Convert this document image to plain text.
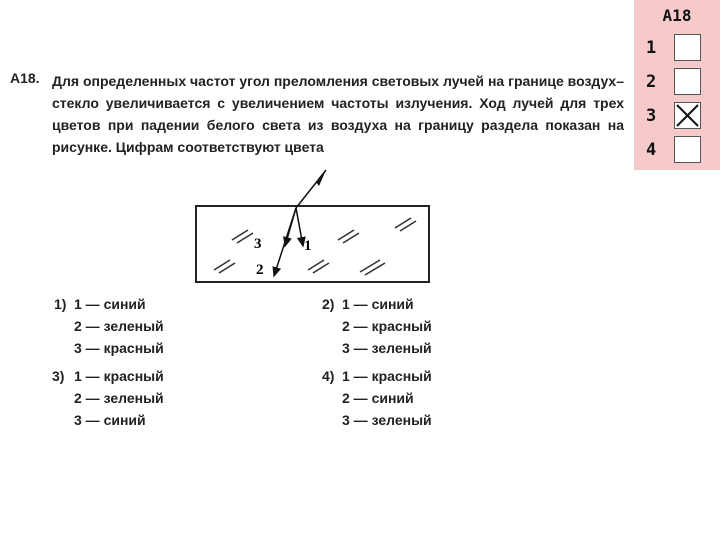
A18
1
2
3
4
A18. Для определенных частот угол преломления световых лучей на границе воздух–стекло увеличивается с увеличением частоты излучения. Ход лучей для трех цветов при падении белого света из воздуха на границу раздела показан на рисунке. Цифрам соответствуют цвета
1
3
2
1) 1 — синий
2 — зеленый
3 — красный
2) 1 — синий
2 — красный
3 — зеленый
3) 1 — красный
2 — зеленый
3 — синий
4) 1 — красный
2 — синий
3 — зеленый
